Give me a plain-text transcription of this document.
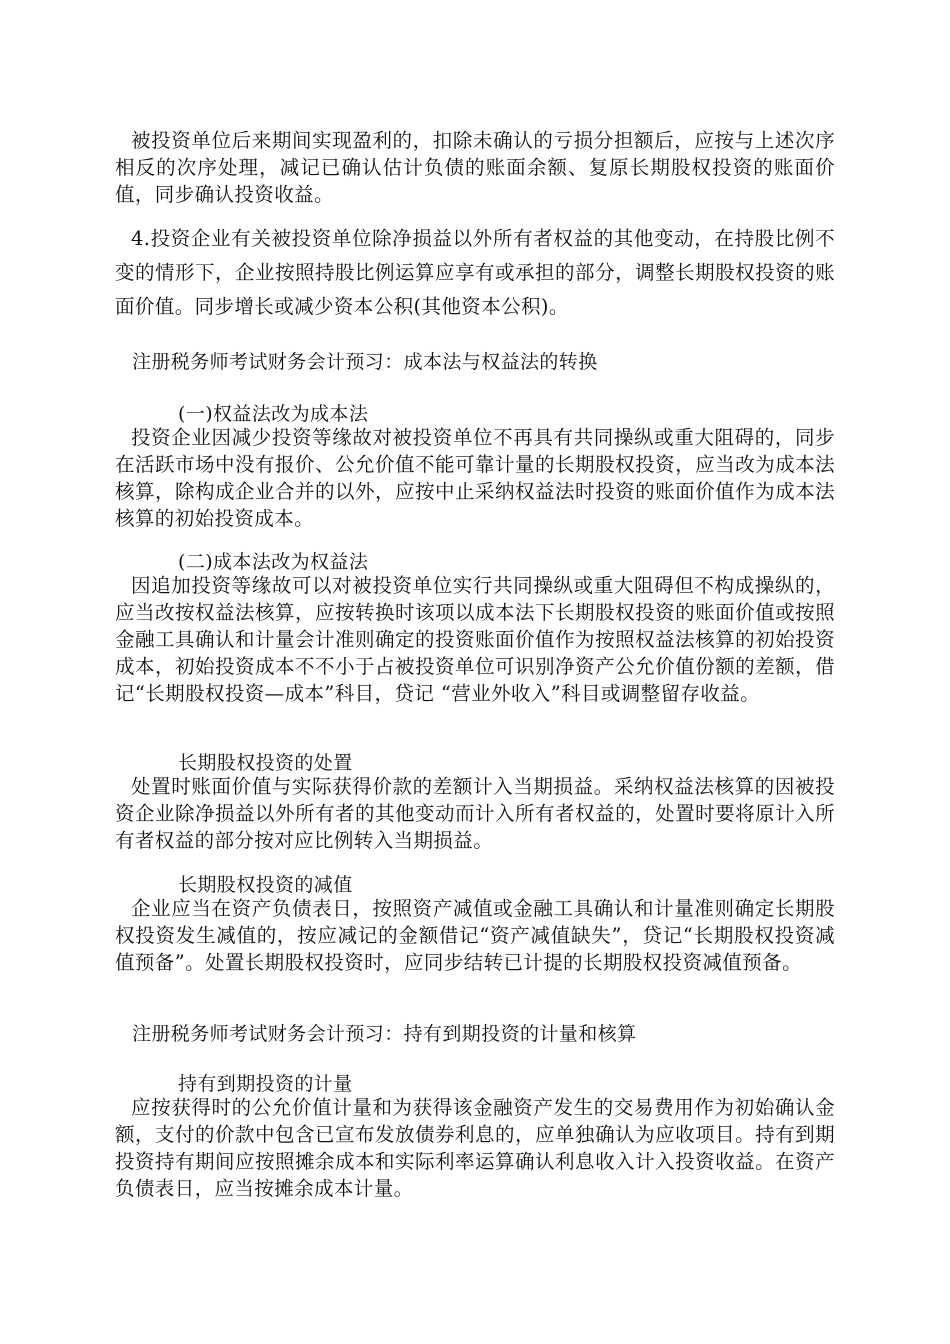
被投资单位后来期间实现盈利的，扣除未确认的亏损分担额后，应按与上述次序相反的次序处理，减记已确认估计负债的账面余额、复原长期股权投资的账面价值，同步确认投资收益。

4.投资企业有关被投资单位除净损益以外所有者权益的其他变动，在持股比例不变的情形下，企业按照持股比例运算应享有或承担的部分，调整长期股权投资的账面价值。同步增长或减少资本公积(其他资本公积)。

注册税务师考试财务会计预习：成本法与权益法的转换
(一)权益法改为成本法

投资企业因减少投资等缘故对被投资单位不再具有共同操纵或重大阻碍的，同步在活跃市场中没有报价、公允价值不能可靠计量的长期股权投资，应当改为成本法核算，除构成企业合并的以外，应按中止采纳权益法时投资的账面价值作为成本法核算的初始投资成本。

(二)成本法改为权益法

因追加投资等缘故可以对被投资单位实行共同操纵或重大阻碍但不构成操纵的，应当改按权益法核算，应按转换时该项以成本法下长期股权投资的账面价值或按照金融工具确认和计量会计准则确定的投资账面价值作为按照权益法核算的初始投资成本，初始投资成本不不小于占被投资单位可识别净资产公允价值份额的差额，借记“长期股权投资—成本”科目，贷记 “营业外收入”科目或调整留存收益。

长期股权投资的处置

处置时账面价值与实际获得价款的差额计入当期损益。采纳权益法核算的因被投资企业除净损益以外所有者的其他变动而计入所有者权益的，处置时要将原计入所有者权益的部分按对应比例转入当期损益。

长期股权投资的减值

企业应当在资产负债表日，按照资产减值或金融工具确认和计量准则确定长期股权投资发生减值的，按应减记的金额借记“资产减值缺失”，贷记“长期股权投资减值预备”。处置长期股权投资时，应同步结转已计提的长期股权投资减值预备。

注册税务师考试财务会计预习：持有到期投资的计量和核算
持有到期投资的计量

应按获得时的公允价值计量和为获得该金融资产发生的交易费用作为初始确认金额，支付的价款中包含已宣布发放债券利息的，应单独确认为应收项目。持有到期投资持有期间应按照摊余成本和实际利率运算确认利息收入计入投资收益。在资产负债表日，应当按摊余成本计量。
